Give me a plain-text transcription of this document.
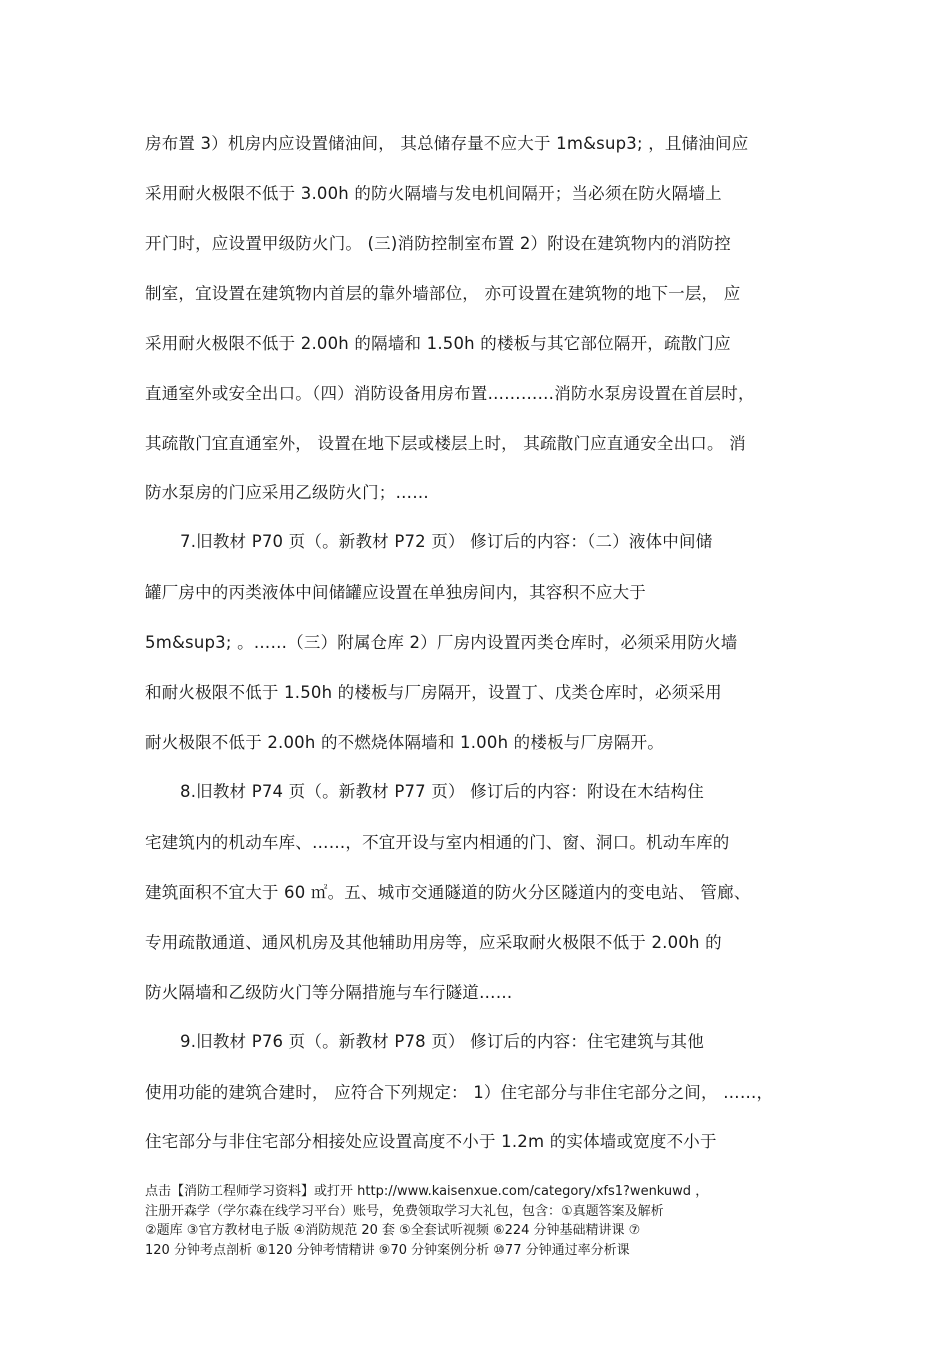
房布置 3）机房内应设置储油间， 其总储存量不应大于 1m&sup3; ，且储油间应
采用耐火极限不低于 3.00h 的防火隔墙与发电机间隔开；当必须在防火隔墙上
开门时，应设置甲级防火门。 (三)消防控制室布置 2）附设在建筑物内的消防控
制室，宜设置在建筑物内首层的靠外墙部位， 亦可设置在建筑物的地下一层， 应
采用耐火极限不低于 2.00h 的隔墙和 1.50h 的楼板与其它部位隔开，疏散门应
直通室外或安全出口。（四）消防设备用房布置…………消防水泵房设置在首层时，
其疏散门宜直通室外， 设置在地下层或楼层上时， 其疏散门应直通安全出口。 消
防水泵房的门应采用乙级防火门；……
7.旧教材 P70 页（。新教材 P72 页） 修订后的内容：（二）液体中间储
罐厂房中的丙类液体中间储罐应设置在单独房间内，其容积不应大于
5m&sup3; 。……（三）附属仓库 2）厂房内设置丙类仓库时，必须采用防火墙
和耐火极限不低于 1.50h 的楼板与厂房隔开，设置丁、戊类仓库时，必须采用
耐火极限不低于 2.00h 的不燃烧体隔墙和 1.00h 的楼板与厂房隔开。
8.旧教材 P74 页（。新教材 P77 页） 修订后的内容：附设在木结构住
宅建筑内的机动车库、……，不宜开设与室内相通的门、窗、洞口。机动车库的
建筑面积不宜大于 60 ㎡。五、城市交通隧道的防火分区隧道内的变电站、 管廊、
专用疏散通道、通风机房及其他辅助用房等，应采取耐火极限不低于 2.00h 的
防火隔墙和乙级防火门等分隔措施与车行隧道……
9.旧教材 P76 页（。新教材 P78 页） 修订后的内容：住宅建筑与其他
使用功能的建筑合建时， 应符合下列规定： 1）住宅部分与非住宅部分之间， ……，
住宅部分与非住宅部分相接处应设置高度不小于 1.2m 的实体墙或宽度不小于
点击【消防工程师学习资料】或打开 http://www.kaisenxue.com/category/xfs1?wenkuwd ，
注册开森学（学尔森在线学习平台）账号，免费领取学习大礼包，包含：①真题答案及解析
②题库 ③官方教材电子版 ④消防规范 20 套 ⑤全套试听视频 ⑥224 分钟基础精讲课 ⑦
120 分钟考点剖析 ⑧120 分钟考情精讲 ⑨70 分钟案例分析 ⑩77 分钟通过率分析课
